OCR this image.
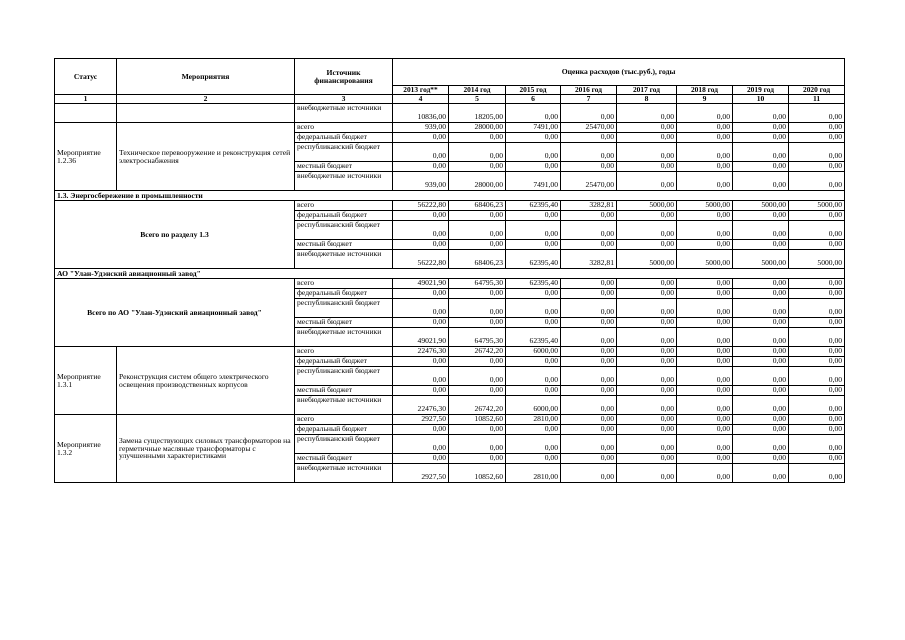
Статус	Мероприятия	Источник финансирования	Оценка расходов (тыс.руб.), годы							
			2013 год**	2014 год	2015 год	2016 год	2017 год	2018 год	2019 год	2020 год
1	2	3	4	5	6	7	8	9	10	11
		внебюджетные источники	10836,00	18205,00	0,00	0,00	0,00	0,00	0,00	0,00
Мероприятие 1.2.36	Техническое перевооружение и реконструкция сетей электроснабжения	всего	939,00	28000,00	7491,00	25470,00	0,00	0,00	0,00	0,00
		федеральный бюджет	0,00	0,00	0,00	0,00	0,00	0,00	0,00	0,00
		республиканский бюджет	0,00	0,00	0,00	0,00	0,00	0,00	0,00	0,00
		местный бюджет	0,00	0,00	0,00	0,00	0,00	0,00	0,00	0,00
		внебюджетные источники	939,00	28000,00	7491,00	25470,00	0,00	0,00	0,00	0,00
1.3. Энергосбережение в промышленности										
Всего по разделу 1.3		всего	56222,80	68406,23	62395,40	3282,81	5000,00	5000,00	5000,00	5000,00
		федеральный бюджет	0,00	0,00	0,00	0,00	0,00	0,00	0,00	0,00
		республиканский бюджет	0,00	0,00	0,00	0,00	0,00	0,00	0,00	0,00
		местный бюджет	0,00	0,00	0,00	0,00	0,00	0,00	0,00	0,00
		внебюджетные источники	56222,80	68406,23	62395,40	3282,81	5000,00	5000,00	5000,00	5000,00
АО "Улан-Удэнский авиационный завод"										
Всего по АО "Улан-Удэнский авиационный завод"		всего	49021,90	64795,30	62395,40	0,00	0,00	0,00	0,00	0,00
		федеральный бюджет	0,00	0,00	0,00	0,00	0,00	0,00	0,00	0,00
		республиканский бюджет	0,00	0,00	0,00	0,00	0,00	0,00	0,00	0,00
		местный бюджет	0,00	0,00	0,00	0,00	0,00	0,00	0,00	0,00
		внебюджетные источники	49021,90	64795,30	62395,40	0,00	0,00	0,00	0,00	0,00
Мероприятие 1.3.1	Реконструкция систем общего электрического освещения производственных корпусов	всего	22476,30	26742,20	6000,00	0,00	0,00	0,00	0,00	0,00
		федеральный бюджет	0,00	0,00	0,00	0,00	0,00	0,00	0,00	0,00
		республиканский бюджет	0,00	0,00	0,00	0,00	0,00	0,00	0,00	0,00
		местный бюджет	0,00	0,00	0,00	0,00	0,00	0,00	0,00	0,00
		внебюджетные источники	22476,30	26742,20	6000,00	0,00	0,00	0,00	0,00	0,00
Мероприятие 1.3.2	Замена существующих силовых трансформаторов на герметичные масляные трансформаторы с улучшенными характеристиками	всего	2927,50	10852,60	2810,00	0,00	0,00	0,00	0,00	0,00
		федеральный бюджет	0,00	0,00	0,00	0,00	0,00	0,00	0,00	0,00
		республиканский бюджет	0,00	0,00	0,00	0,00	0,00	0,00	0,00	0,00
		местный бюджет	0,00	0,00	0,00	0,00	0,00	0,00	0,00	0,00
		внебюджетные источники	2927,50	10852,60	2810,00	0,00	0,00	0,00	0,00	0,00
